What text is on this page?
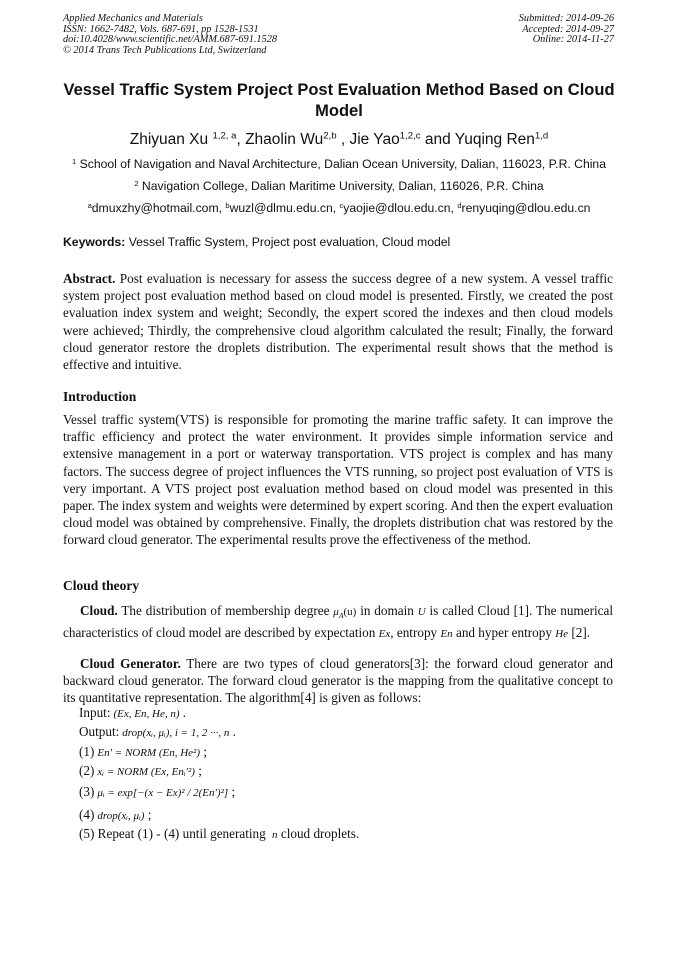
Applied Mechanics and Materials
ISSN: 1662-7482, Vols. 687-691, pp 1528-1531
doi:10.4028/www.scientific.net/AMM.687-691.1528
© 2014 Trans Tech Publications Ltd, Switzerland
Submitted: 2014-09-26
Accepted: 2014-09-27
Online: 2014-11-27
Vessel Traffic System Project Post Evaluation Method Based on Cloud Model
Zhiyuan Xu $^{1,2, a}$, Zhaolin Wu$^{2,b}$ , Jie Yao$^{1,2,c}$ and Yuqing Ren$^{1,d}$
$^1$ School of Navigation and Naval Architecture, Dalian Ocean University, Dalian, 116023, P.R. China
$^2$ Navigation College, Dalian Maritime University, Dalian, 116026, P.R. China
$^a$dmuxzhy@hotmail.com, $^b$wuzl@dlmu.edu.cn, $^c$yaojie@dlou.edu.cn, $^d$renyuqing@dlou.edu.cn
Keywords: Vessel Traffic System, Project post evaluation, Cloud model
Abstract. Post evaluation is necessary for assess the success degree of a new system. A vessel traffic system project post evaluation method based on cloud model is presented. Firstly, we created the post evaluation index system and weight; Secondly, the expert scored the indexes and then cloud models were achieved; Thirdly, the comprehensive cloud algorithm calculated the result; Finally, the forward cloud generator restore the droplets distribution. The experimental result shows that the method is effective and intuitive.
Introduction
Vessel traffic system(VTS) is responsible for promoting the marine traffic safety. It can improve the traffic efficiency and protect the water environment. It provides simple information service and extensive management in a port or waterway transportation. VTS project is complex and has many factors. The success degree of project influences the VTS running, so project post evaluation of VTS is very important. A VTS project post evaluation method based on cloud model was presented in this paper. The index system and weights were determined by expert scoring. And then the expert evaluation cloud model was obtained by comprehensive. Finally, the droplets distribution chat was restored by the forward cloud generator. The experimental results prove the effectiveness of the method.
Cloud theory
Cloud. The distribution of membership degree $\mu_A(u)$ in domain U is called Cloud [1]. The numerical characteristics of cloud model are described by expectation Ex, entropy En and hyper entropy He [2].
Cloud Generator. There are two types of cloud generators[3]: the forward cloud generator and backward cloud generator. The forward cloud generator is the mapping from the qualitative concept to its quantitative representation. The algorithm[4] is given as follows:
Input: (Ex, En, He, n) .
Output: drop(xᵢ, μᵢ), i = 1, 2 ···, n .
(1) En′ = NORM (En, He²) ;
(2) xᵢ = NORM (Ex, Enᵢ′²) ;
(3) μᵢ = exp[−(x − Ex)² / 2(En′)²] ;
(4) drop(xᵢ, μᵢ) ;
(5) Repeat (1) - (4) until generating n cloud droplets.
